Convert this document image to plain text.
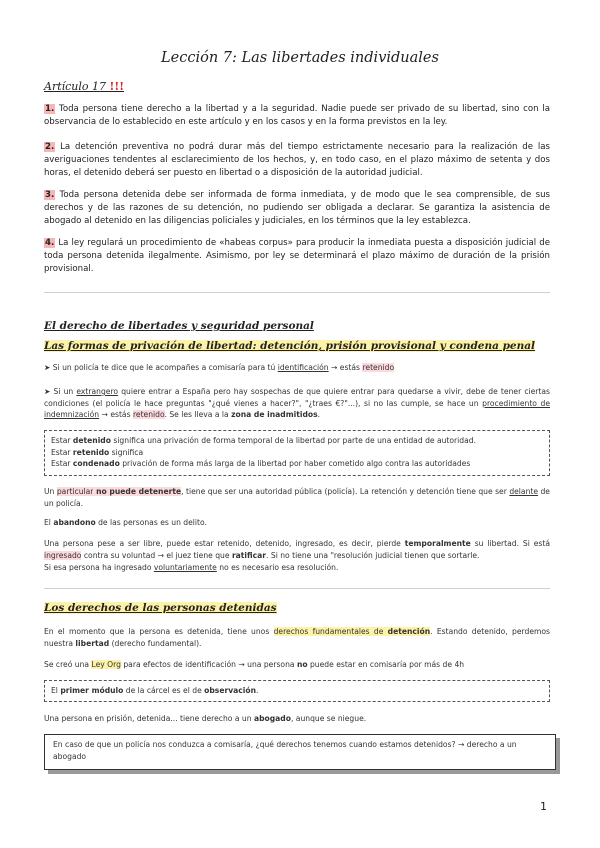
Lección 7: Las libertades individuales
Artículo 17 !!!
1. Toda persona tiene derecho a la libertad y a la seguridad. Nadie puede ser privado de su libertad, sino con la observancia de lo establecido en este artículo y en los casos y en la forma previstos en la ley.
2. La detención preventiva no podrá durar más del tiempo estrictamente necesario para la realización de las averiguaciones tendentes al esclarecimiento de los hechos, y, en todo caso, en el plazo máximo de setenta y dos horas, el detenido deberá ser puesto en libertad o a disposición de la autoridad judicial.
3. Toda persona detenida debe ser informada de forma inmediata, y de modo que le sea comprensible, de sus derechos y de las razones de su detención, no pudiendo ser obligada a declarar. Se garantiza la asistencia de abogado al detenido en las diligencias policiales y judiciales, en los términos que la ley establezca.
4. La ley regulará un procedimiento de «habeas corpus» para producir la inmediata puesta a disposición judicial de toda persona detenida ilegalmente. Asimismo, por ley se determinará el plazo máximo de duración de la prisión provisional.
El derecho de libertades y seguridad personal
Las formas de privación de libertad: detención, prisión provisional y condena penal
➤ Si un policía te dice que le acompañes a comisaría para tú identificación → estás retenido
➤ Si un extrangero quiere entrar a España pero hay sospechas de que quiere entrar para quedarse a vivir, debe de tener ciertas condiciones (el policía le hace preguntas "¿qué vienes a hacer?", "¿traes €?"...), si no las cumple, se hace un procedimiento de indemnización → estás retenido. Se les lleva a la zona de inadmitidos.
Estar detenido significa una privación de forma temporal de la libertad por parte de una entidad de autoridad.
Estar retenido significa
Estar condenado privación de forma más larga de la libertad por haber cometido algo contra las autoridades
Un particular no puede detenerte, tiene que ser una autoridad pública (policía). La retención y detención tiene que ser delante de un policía.
El abandono de las personas es un delito.
Una persona pese a ser libre, puede estar retenido, detenido, ingresado, es decir, pierde temporalmente su libertad. Si está ingresado contra su voluntad → el juez tiene que ratificar. Si no tiene una "resolución judicial tienen que sortarle.
Si esa persona ha ingresado voluntariamente no es necesario esa resolución.
Los derechos de las personas detenidas
En el momento que la persona es detenida, tiene unos derechos fundamentales de detención. Estando detenido, perdemos nuestra libertad (derecho fundamental).
Se creó una Ley Org para efectos de identificación → una persona no puede estar en comisaría por más de 4h
El primer módulo de la cárcel es el de observación.
Una persona en prisión, detenida... tiene derecho a un abogado, aunque se niegue.
En caso de que un policía nos conduzca a comisaría, ¿qué derechos tenemos cuando estamos detenidos? → derecho a un abogado
1
